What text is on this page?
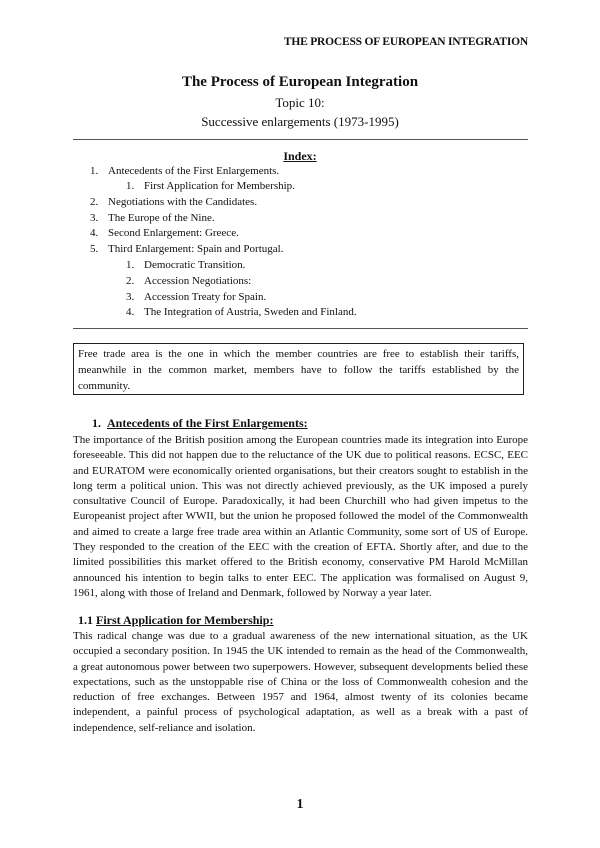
THE PROCESS OF EUROPEAN INTEGRATION
The Process of European Integration
Topic 10:
Successive enlargements (1973-1995)
Index:
1. Antecedents of the First Enlargements.
1. First Application for Membership.
2. Negotiations with the Candidates.
3. The Europe of the Nine.
4. Second Enlargement: Greece.
5. Third Enlargement: Spain and Portugal.
1. Democratic Transition.
2. Accession Negotiations:
3. Accession Treaty for Spain.
4. The Integration of Austria, Sweden and Finland.
Free trade area is the one in which the member countries are free to establish their tariffs, meanwhile in the common market, members have to follow the tariffs established by the community.
1. Antecedents of the First Enlargements:
The importance of the British position among the European countries made its integration into Europe foreseeable. This did not happen due to the reluctance of the UK due to political reasons. ECSC, EEC and EURATOM were economically oriented organisations, but their creators sought to establish in the long term a political union. This was not directly achieved previously, as the UK imposed a purely consultative Council of Europe. Paradoxically, it had been Churchill who had given impetus to the Europeanist project after WWII, but the union he proposed followed the model of the Commonwealth and aimed to create a large free trade area within an Atlantic Community, some sort of US of Europe. They responded to the creation of the EEC with the creation of EFTA. Shortly after, and due to the limited possibilities this market offered to the British economy, conservative PM Harold McMillan announced his intention to begin talks to enter EEC. The application was formalised on August 9, 1961, along with those of Ireland and Denmark, followed by Norway a year later.
1.1 First Application for Membership:
This radical change was due to a gradual awareness of the new international situation, as the UK occupied a secondary position. In 1945 the UK intended to remain as the head of the Commonwealth, a great autonomous power between two superpowers. However, subsequent developments belied these expectations, such as the unstoppable rise of China or the loss of Commonwealth cohesion and the reduction of free exchanges. Between 1957 and 1964, almost twenty of its colonies became independent, a painful process of psychological adaptation, as well as a break with a past of independence, self-reliance and isolation.
1
